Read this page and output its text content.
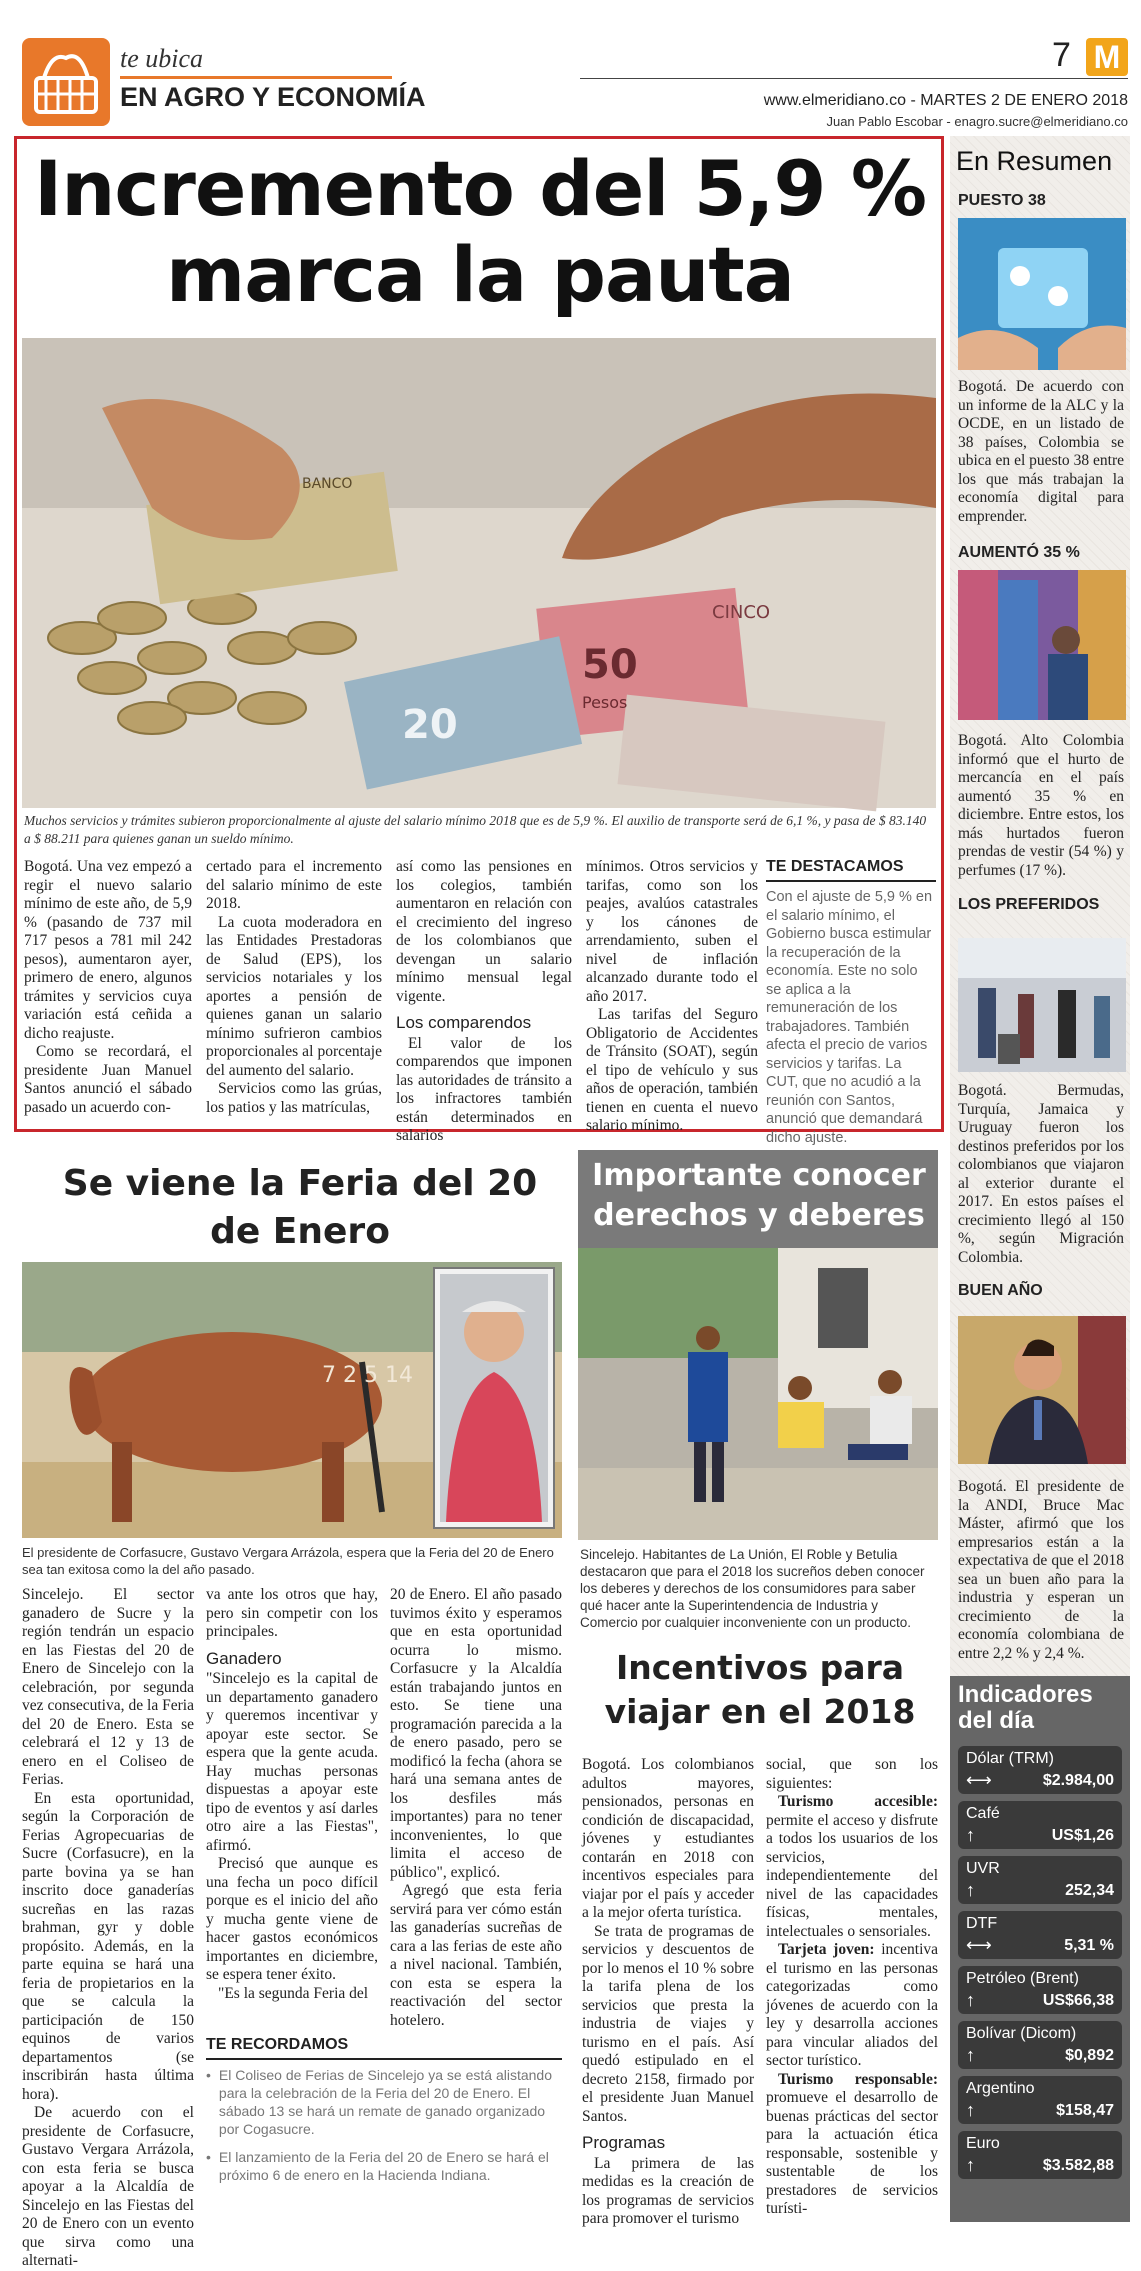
te ubica
EN AGRO Y ECONOMÍA
7 M
www.elmeridiano.co - MARTES 2 DE ENERO 2018
Juan Pablo Escobar - enagro.sucre@elmeridiano.co
Incremento del 5,9 % marca la pauta
50
Pesos
20
CINCO
BANCO
Muchos servicios y trámites subieron proporcionalmente al ajuste del salario mínimo 2018 que es de 5,9 %. El auxilio de transporte será de 6,1 %, y pasa de $ 83.140 a $ 88.211 para quienes ganan un sueldo mínimo.

Bogotá. Una vez empezó a regir el nuevo salario mínimo de este año, de 5,9 % (pasando de 737 mil 717 pesos a 781 mil 242 pesos), aumentaron ayer, primero de enero, algunos trámites y servicios cuya variación está ceñida a dicho reajuste.

Como se recordará, el presidente Juan Manuel Santos anunció el sábado pasado un acuerdo con-

certado para el incremento del salario mínimo de este 2018.

La cuota moderadora en las Entidades Prestadoras de Salud (EPS), los servicios notariales y los aportes a pensión de quienes ganan un salario mínimo sufrieron cambios proporcionales al porcentaje del aumento del salario.

Servicios como las grúas, los patios y las matrículas,

así como las pensiones en los colegios, también aumentaron en relación con el crecimiento del ingreso de los colombianos que devengan un salario mínimo mensual legal vigente.

Los comparendos

El valor de los comparendos que imponen las autoridades de tránsito a los infractores también están determinados en salarios

mínimos. Otros servicios y tarifas, como son los peajes, avalúos catastrales y los cánones de arrendamiento, suben el nivel de inflación alcanzado durante todo el año 2017.

Las tarifas del Seguro Obligatorio de Accidentes de Tránsito (SOAT), según el tipo de vehículo y sus años de operación, también tienen en cuenta el nuevo salario mínimo.

TE DESTACAMOS

Con el ajuste de 5,9 % en el salario mínimo, el Gobierno busca estimular la recuperación de la economía. Este no solo se aplica a la remuneración de los trabajadores. También afecta el precio de varios servicios y tarifas. La CUT, que no acudió a la reunión con Santos, anunció que demandará dicho ajuste.

En Resumen
PUESTO 38
Bogotá. De acuerdo con un informe de la ALC y la OCDE, en un listado de 38 países, Colombia se ubica en el puesto 38 entre los que más trabajan la economía digital para emprender.
AUMENTÓ 35 %
Bogotá. Alto Colombia informó que el hurto de mercancía en el país aumentó 35 % en diciembre. Entre estos, los más hurtados fueron prendas de vestir (54 %) y perfumes (17 %).
LOS PREFERIDOS
Bogotá. Bermudas, Turquía, Jamaica y Uruguay fueron los destinos preferidos por los colombianos que viajaron al exterior durante el 2017. En estos países el crecimiento llegó al 150 %, según Migración Colombia.
BUEN AÑO
Bogotá. El presidente de la ANDI, Bruce Mac Máster, afirmó que los empresarios están a la expectativa de que el 2018 sea un buen año para la industria y esperan un crecimiento de la economía colombiana de entre 2,2 % y 2,4 %.
Indicadores del día
Dólar (TRM)
⟷	$2.984,00
Café
↑	US$1,26
UVR
↑	252,34
DTF
⟷	5,31 %
Petróleo (Brent)
↑	US$66,38
Bolívar (Dicom)
↑	$0,892
Argentino
↑	$158,47
Euro
↑	$3.582,88
Se viene la Feria del 20 de Enero
7 2 5 14
El presidente de Corfasucre, Gustavo Vergara Arrázola, espera que la Feria del 20 de Enero sea tan exitosa como la del año pasado.

Sincelejo. El sector ganadero de Sucre y la región tendrán un espacio en las Fiestas del 20 de Enero de Sincelejo con la celebración, por segunda vez consecutiva, de la Feria del 20 de Enero. Esta se celebrará el 12 y 13 de enero en el Coliseo de Ferias.

En esta oportunidad, según la Corporación de Ferias Agropecuarias de Sucre (Corfasucre), en la parte bovina ya se han inscrito doce ganaderías sucreñas en las razas brahman, gyr y doble propósito. Además, en la parte equina se hará una feria de propietarios en la que se calcula la participación de 150 equinos de varios departamentos (se inscribirán hasta última hora).

De acuerdo con el presidente de Corfasucre, Gustavo Vergara Arrázola, con esta feria se busca apoyar a la Alcaldía de Sincelejo en las Fiestas del 20 de Enero con un evento que sirva como una alternati-

va ante los otros que hay, pero sin competir con los principales.

Ganadero

"Sincelejo es la capital de un departamento ganadero y queremos incentivar y apoyar este sector. Se espera que la gente acuda. Hay muchas personas dispuestas a apoyar este tipo de eventos y así darles otro aire a las Fiestas", afirmó.

Precisó que aunque es una fecha un poco difícil porque es el inicio del año y mucha gente viene de hacer gastos económicos importantes en diciembre, se espera tener éxito.

"Es la segunda Feria del

20 de Enero. El año pasado tuvimos éxito y esperamos que en esta oportunidad ocurra lo mismo. Corfasucre y la Alcaldía están trabajando juntos en esto. Se tiene una programación parecida a la de enero pasado, pero se modificó la fecha (ahora se hará una semana antes de los desfiles más importantes) para no tener inconvenientes, lo que limita el acceso de público", explicó.

Agregó que esta feria servirá para ver cómo están las ganaderías sucreñas de cara a las ferias de este año a nivel nacional. También, con esta se espera la reactivación del sector hotelero.

TE RECORDAMOS
• El Coliseo de Ferias de Sincelejo ya se está alistando para la celebración de la Feria del 20 de Enero. El sábado 13 se hará un remate de ganado organizado por Cogasucre.

• El lanzamiento de la Feria del 20 de Enero se hará el próximo 6 de enero en la Hacienda Indiana.

Importante conocer derechos y deberes
Sincelejo. Habitantes de La Unión, El Roble y Betulia destacaron que para el 2018 los sucreños deben conocer los deberes y derechos de los consumidores para saber qué hacer ante la Superintendencia de Industria y Comercio por cualquier inconveniente con un producto.
Incentivos para viajar en el 2018

Bogotá. Los colombianos adultos mayores, pensionados, personas en condición de discapacidad, jóvenes y estudiantes contarán en 2018 con incentivos especiales para viajar por el país y acceder a la mejor oferta turística.

Se trata de programas de servicios y descuentos de por lo menos el 10 % sobre la tarifa plena de los servicios que presta la industria de viajes y turismo en el país. Así quedó estipulado en el decreto 2158, firmado por el presidente Juan Manuel Santos.

Programas

La primera de las medidas es la creación de los programas de servicios para promover el turismo

social, que son los siguientes:

Turismo accesible: permite el acceso y disfrute a todos los usuarios de los servicios, independientemente del nivel de las capacidades físicas, mentales, intelectuales o sensoriales.

Tarjeta joven: incentiva el turismo en las personas categorizadas como jóvenes de acuerdo con la ley y desarrolla acciones para vincular aliados del sector turístico.

Turismo responsable: promueve el desarrollo de buenas prácticas del sector para la actuación ética responsable, sostenible y sustentable de los prestadores de servicios turísti-
